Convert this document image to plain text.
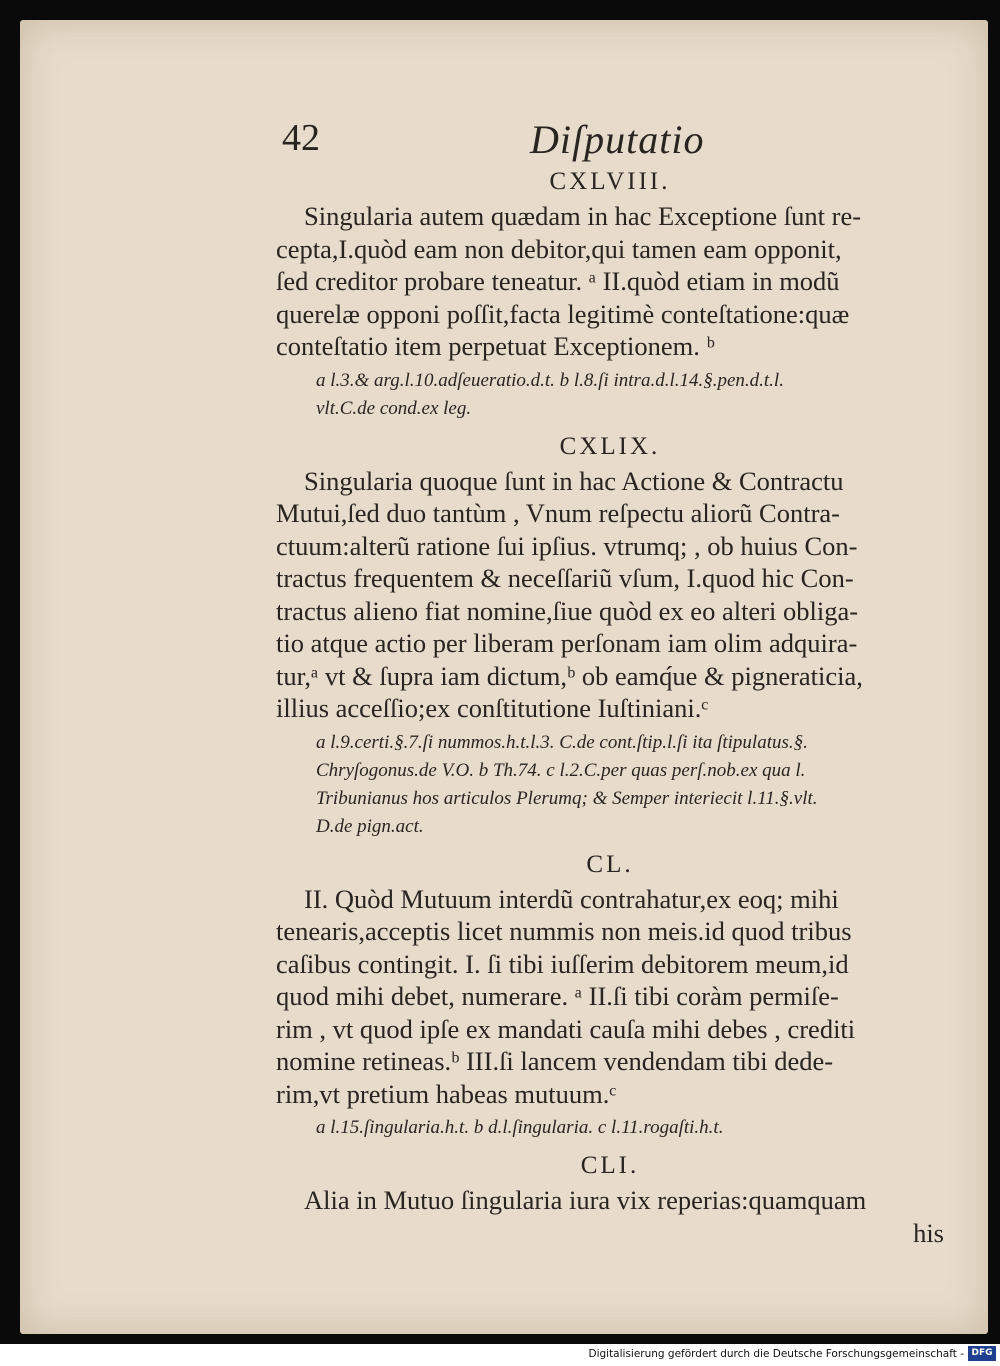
42	Diſputatio

CXLVIII.

Singularia autem quædam in hac Exceptione ſunt re-
cepta,I.quòd eam non debitor,qui tamen eam opponit,
ſed creditor probare teneatur. ᵃ II.quòd etiam in modũ
querelæ opponi poſſit,facta legitimè conteſtatione:quæ
conteſtatio item perpetuat Exceptionem. ᵇ

a l.3.& arg.l.10.adſeueratio.d.t. b l.8.ſi intra.d.l.14.§.pen.d.t.l.
vlt.C.de cond.ex leg.

CXLIX.

Singularia quoque ſunt in hac Actione & Contractu
Mutui,ſed duo tantùm , Vnum reſpectu aliorũ Contra-
ctuum:alterũ ratione ſui ipſius. vtrumq; , ob huius Con-
tractus frequentem & neceſſariũ vſum, I.quod hic Con-
tractus alieno fiat nomine,ſiue quòd ex eo alteri obliga-
tio atque actio per liberam perſonam iam olim adquira-
tur,ᵃ vt & ſupra iam dictum,ᵇ ob eamq́ue & pigneraticia,
illius acceſſio;ex conſtitutione Iuſtiniani.ᶜ

a l.9.certi.§.7.ſi nummos.h.t.l.3. C.de cont.ſtip.l.ſi ita ſtipulatus.§.
Chryſogonus.de V.O. b Th.74. c l.2.C.per quas perſ.nob.ex qua l.
Tribunianus hos articulos Plerumq; & Semper interiecit l.11.§.vlt.
D.de pign.act.

CL.

II. Quòd Mutuum interdũ contrahatur,ex eoq; mihi
tenearis,acceptis licet nummis non meis.id quod tribus
caſibus contingit. I. ſi tibi iuſſerim debitorem meum,id
quod mihi debet, numerare. ᵃ II.ſi tibi coràm permiſe-
rim , vt quod ipſe ex mandati cauſa mihi debes , crediti
nomine retineas.ᵇ III.ſi lancem vendendam tibi dede-
rim,vt pretium habeas mutuum.ᶜ

a l.15.ſingularia.h.t. b d.l.ſingularia. c l.11.rogaſti.h.t.

CLI.

Alia in Mutuo ſingularia iura vix reperias:quamquam
his

Digitalisierung gefördert durch die Deutsche Forschungsgemeinschaft - DFG
